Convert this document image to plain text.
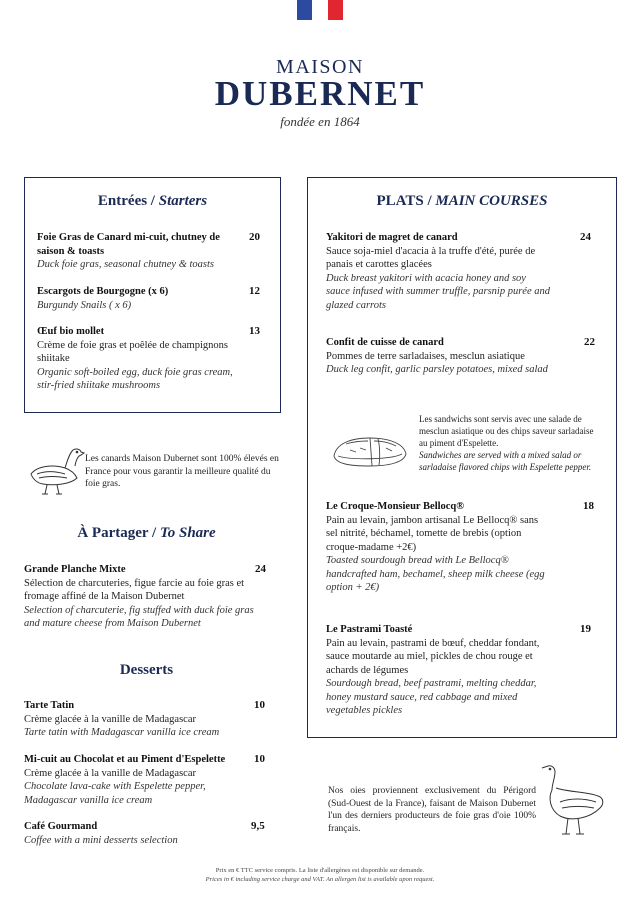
MAISON
DUBERNET
fondée en 1864
Entrées / Starters
Foie Gras de Canard mi-cuit, chutney de saison & toasts
Duck foie gras, seasonal chutney & toasts
20
Escargots de Bourgogne (x 6)
Burgundy Snails ( x 6)
12
Œuf bio mollet
Crème de foie gras et poêlée de champignons shiitake
Organic soft-boiled egg, duck foie gras cream, stir-fried shiitake mushrooms
13
Les canards Maison Dubernet sont 100% élevés en France pour vous garantir la meilleure qualité du foie gras.
À Partager / To Share
Grande Planche Mixte
Sélection de charcuteries, figue farcie au foie gras et fromage affiné de la Maison Dubernet
Selection of charcuterie, fig stuffed with duck foie gras and mature cheese from Maison Dubernet
24
Desserts
Tarte Tatin
Crème glacée à la vanille de Madagascar
Tarte tatin with Madagascar vanilla ice cream
10
Mi-cuit au Chocolat et au Piment d'Espelette
Crème glacée à la vanille de Madagascar
Chocolate lava-cake with Espelette pepper, Madagascar vanilla ice cream
10
Café Gourmand
Coffee with a mini desserts selection
9,5
PLATS / MAIN COURSES
Yakitori de magret de canard
Sauce soja-miel d'acacia à la truffe d'été, purée de panais et carottes glacées
Duck breast yakitori with acacia honey and soy sauce infused with summer truffle, parsnip purée and glazed carrots
24
Confit de cuisse de canard
Pommes de terre sarladaises, mesclun asiatique
Duck leg confit, garlic parsley potatoes, mixed salad
22
Les sandwichs sont servis avec une salade de mesclun asiatique ou des chips saveur sarladaise au piment d'Espelette.
Sandwiches are served with a mixed salad or sarladaise flavored chips with Espelette pepper.
Le Croque-Monsieur Bellocq®
Pain au levain, jambon artisanal Le Bellocq® sans sel nitrité, béchamel, tomette de brebis (option croque-madame +2€)
Toasted sourdough bread with Le Bellocq® handcrafted ham, bechamel, sheep milk cheese (egg option + 2€)
18
Le Pastrami Toasté
Pain au levain, pastrami de bœuf, cheddar fondant, sauce moutarde au miel, pickles de chou rouge et achards de légumes
Sourdough bread, beef pastrami, melting cheddar, honey mustard sauce, red cabbage and mixed vegetables pickles
19
Nos oies proviennent exclusivement du Périgord (Sud-Ouest de la France), faisant de Maison Dubernet l'un des derniers producteurs de foie gras d'oie 100% français.
Prix en € TTC service compris. La liste d'allergènes est disponible sur demande.
Prices in € including service charge and VAT. An allergen list is available upon request.
